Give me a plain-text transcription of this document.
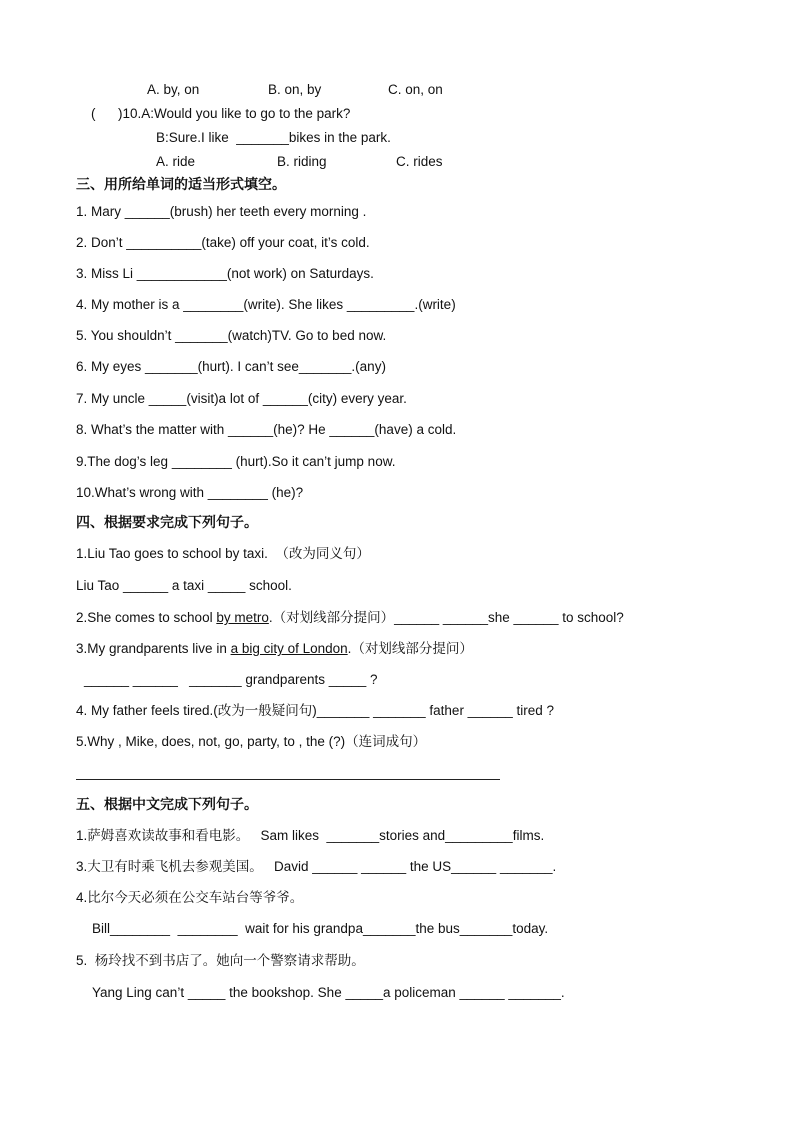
A. by, on	B. on, by	C. on, on
(      )10.A:Would you like to go to the park?
B:Sure.I like  _______bikes in the park.
A. ride	B. riding	C. rides
三、用所给单词的适当形式填空。
1. Mary ______(brush) her teeth every morning .
2. Don’t __________(take) off your coat, it’s cold.
3. Miss Li ____________(not work) on Saturdays.
4. My mother is a ________(write). She likes _________.(write)
5. You shouldn’t _______(watch)TV. Go to bed now.
6. My eyes _______(hurt). I can’t see_______.(any)
7. My uncle _____(visit)a lot of ______(city) every year.
8. What’s the matter with ______(he)? He ______(have) a cold.
9.The dog’s leg ________ (hurt).So it can’t jump now.
10.What’s wrong with ________ (he)?
四、根据要求完成下列句子。
1.Liu Tao goes to school by taxi.  （改为同义句）
Liu Tao ______ a taxi _____ school.
2.She comes to school by metro.（对划线部分提问）______ ______she ______ to school?
3.My grandparents live in a big city of London.（对划线部分提问）
______ ______   _______ grandparents _____ ?
4. My father feels tired.(改为一般疑问句)_______ _______ father ______ tired ?
5.Why , Mike, does, not, go, party, to , the (?)（连词成句）
五、根据中文完成下列句子。
1.萨姆喜欢读故事和看电影。   Sam likes  _______stories and_________films.
3.大卫有时乘飞机去参观美国。   David ______ ______ the US______ _______.
4.比尔今天必须在公交车站台等爷爷。
Bill________  ________  wait for his grandpa_______the bus_______today.
5.  杨玲找不到书店了。她向一个警察请求帮助。
Yang Ling can’t _____ the bookshop. She _____a policeman ______ _______.
